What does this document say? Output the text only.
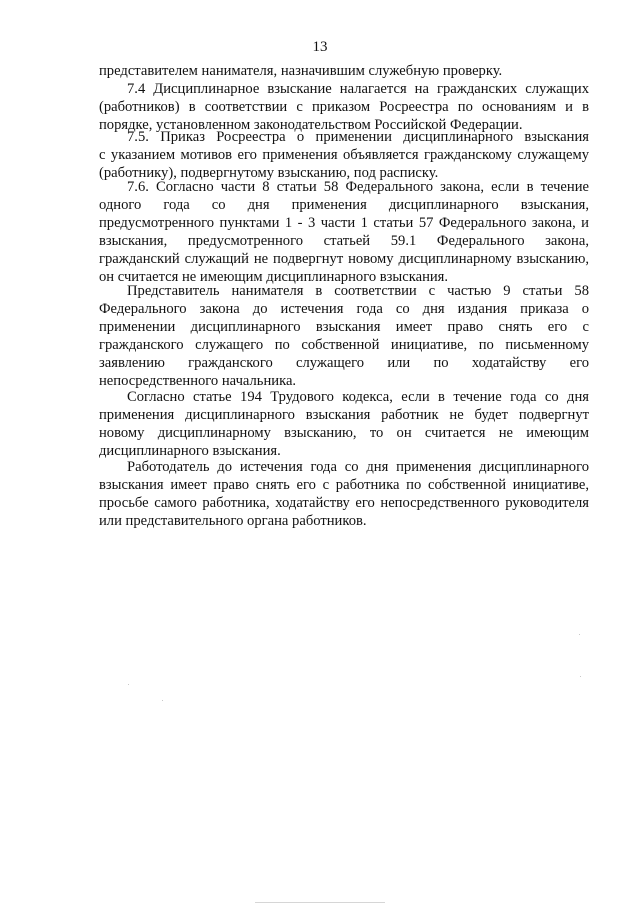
13
представителем нанимателя, назначившим служебную проверку.
7.4 Дисциплинарное взыскание налагается на гражданских служащих
(работников) в соответствии с приказом Росреестра по основаниям и в
порядке, установленном законодательством Российской Федерации.
7.5. Приказ Росреестра о применении дисциплинарного взыскания
с указанием мотивов его применения объявляется гражданскому служащему
(работнику), подвергнутому взысканию, под расписку.
7.6. Согласно части 8 статьи 58 Федерального закона, если в течение
одного года со дня применения дисциплинарного взыскания,
предусмотренного пунктами 1 - 3 части 1 статьи 57 Федерального закона, и
взыскания, предусмотренного статьей 59.1 Федерального закона,
гражданский служащий не подвергнут новому дисциплинарному взысканию,
он считается не имеющим дисциплинарного взыскания.
Представитель нанимателя в соответствии с частью 9 статьи 58
Федерального закона до истечения года со дня издания приказа о
применении дисциплинарного взыскания имеет право снять его с
гражданского служащего по собственной инициативе, по письменному
заявлению гражданского служащего или по ходатайству его
непосредственного начальника.
Согласно статье 194 Трудового кодекса, если в течение года со дня
применения дисциплинарного взыскания работник не будет подвергнут
новому дисциплинарному взысканию, то он считается не имеющим
дисциплинарного взыскания.
Работодатель до истечения года со дня применения дисциплинарного
взыскания имеет право снять его с работника по собственной инициативе,
просьбе самого работника, ходатайству его непосредственного руководителя
или представительного органа работников.
